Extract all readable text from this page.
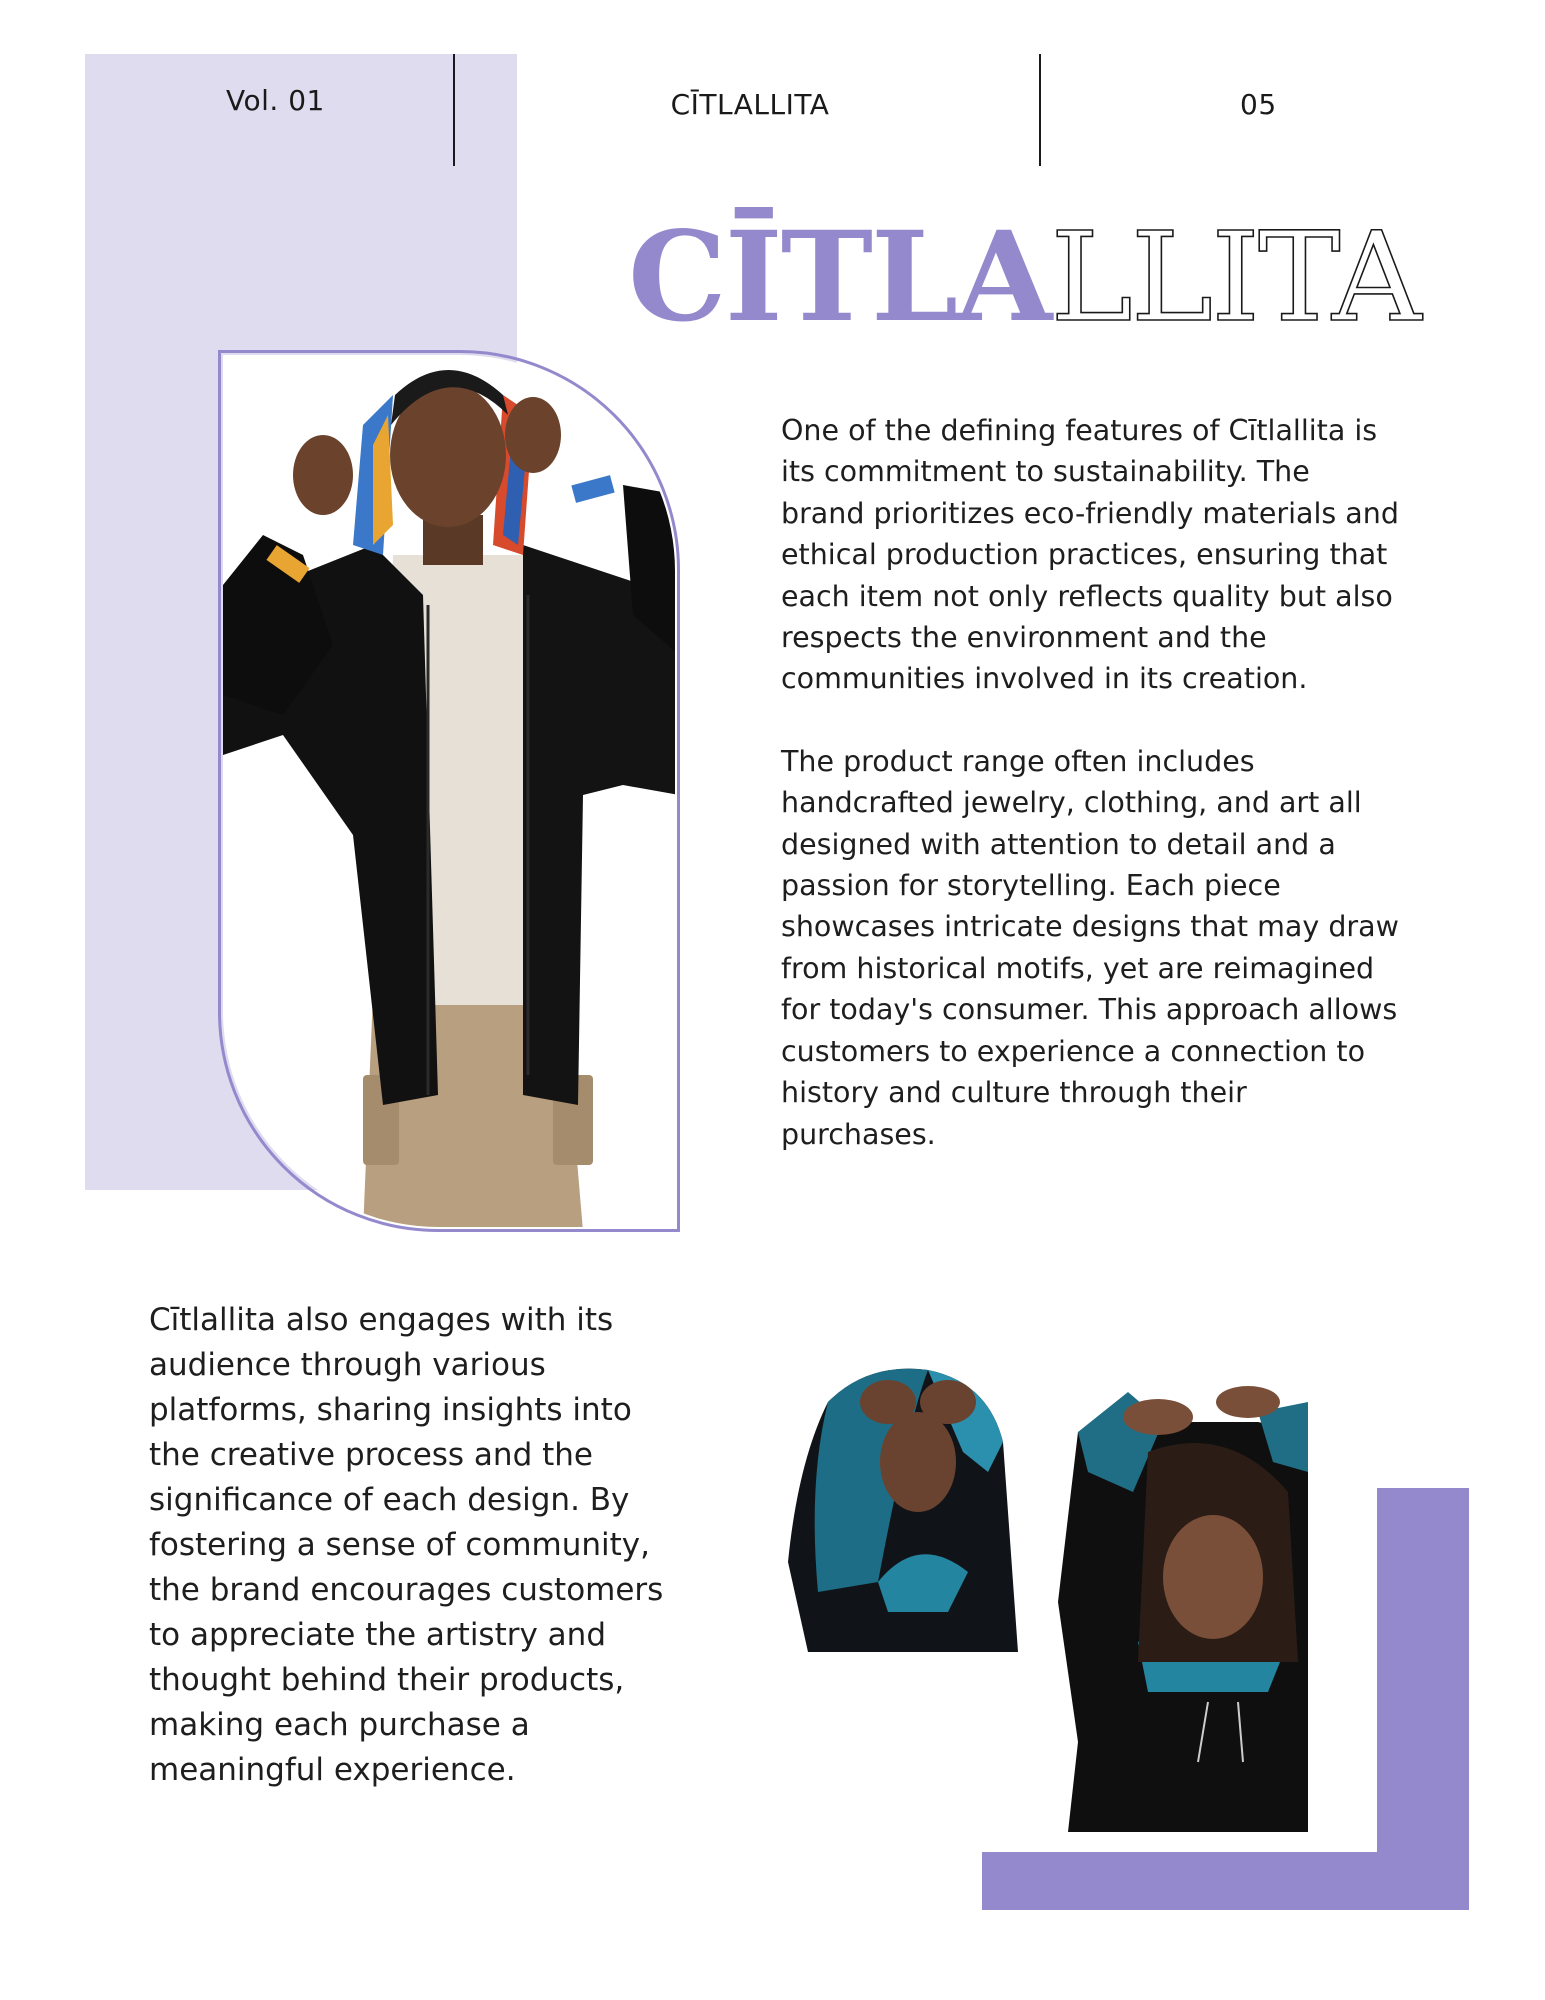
Vol. 01	CĪTLALLITA	05
CĪTLALLITA

One of the defining features of Cītlallita is its commitment to sustainability. The brand prioritizes eco-friendly materials and ethical production practices, ensuring that each item not only reflects quality but also respects the environment and the communities involved in its creation.

The product range often includes handcrafted jewelry, clothing, and art all designed with attention to detail and a passion for storytelling. Each piece showcases intricate designs that may draw from historical motifs, yet are reimagined for today's consumer. This approach allows customers to experience a connection to history and culture through their purchases.

Cītlallita also engages with its audience through various platforms, sharing insights into the creative process and the significance of each design. By fostering a sense of community, the brand encourages customers to appreciate the artistry and thought behind their products, making each purchase a meaningful experience.
